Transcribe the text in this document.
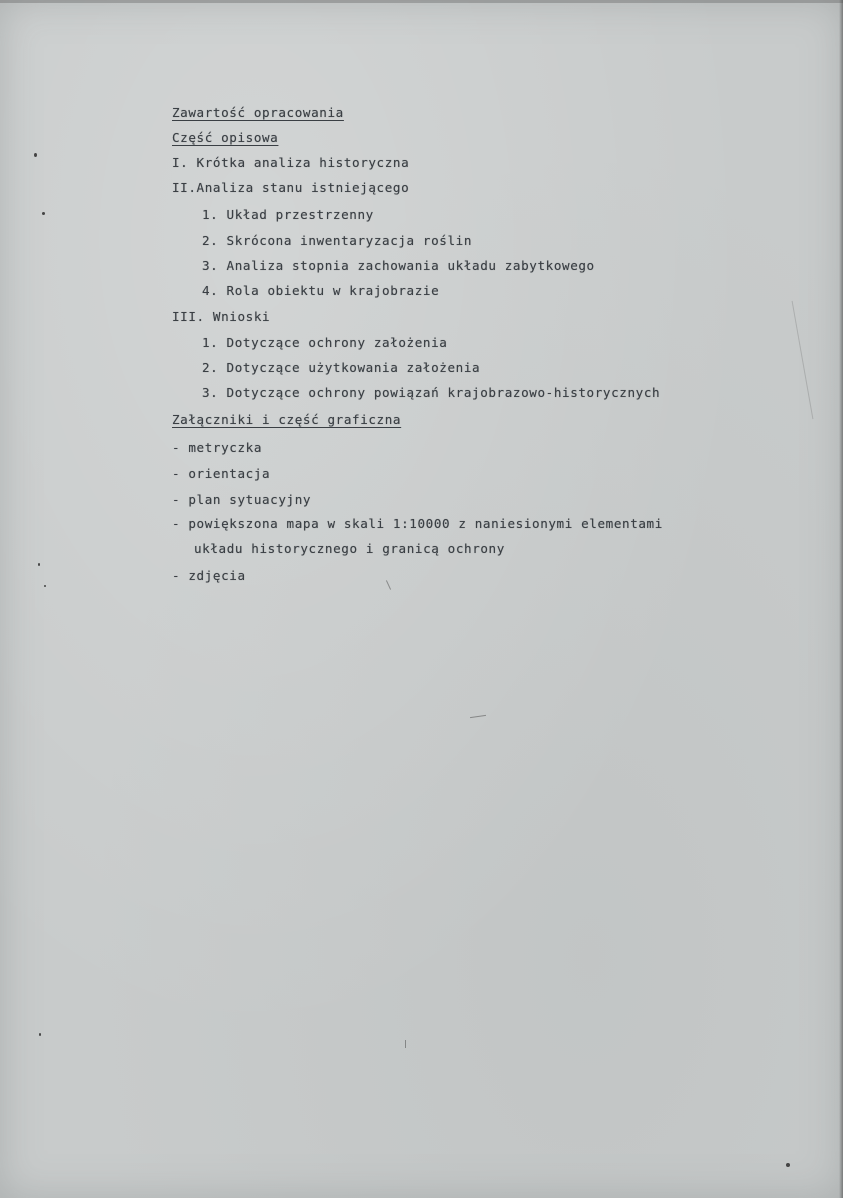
Zawartość opracowania
Część opisowa
I. Krótka analiza historyczna
II.Analiza stanu istniejącego
1. Układ przestrzenny
2. Skrócona inwentaryzacja roślin
3. Analiza stopnia zachowania układu zabytkowego
4. Rola obiektu w krajobrazie
III. Wnioski
1. Dotyczące ochrony założenia
2. Dotyczące użytkowania założenia
3. Dotyczące ochrony powiązań krajobrazowo-historycznych
Załączniki i część graficzna
- metryczka
- orientacja
- plan sytuacyjny
- powiększona mapa w skali 1:10000 z naniesionymi elementami
układu historycznego i granicą ochrony
- zdjęcia
